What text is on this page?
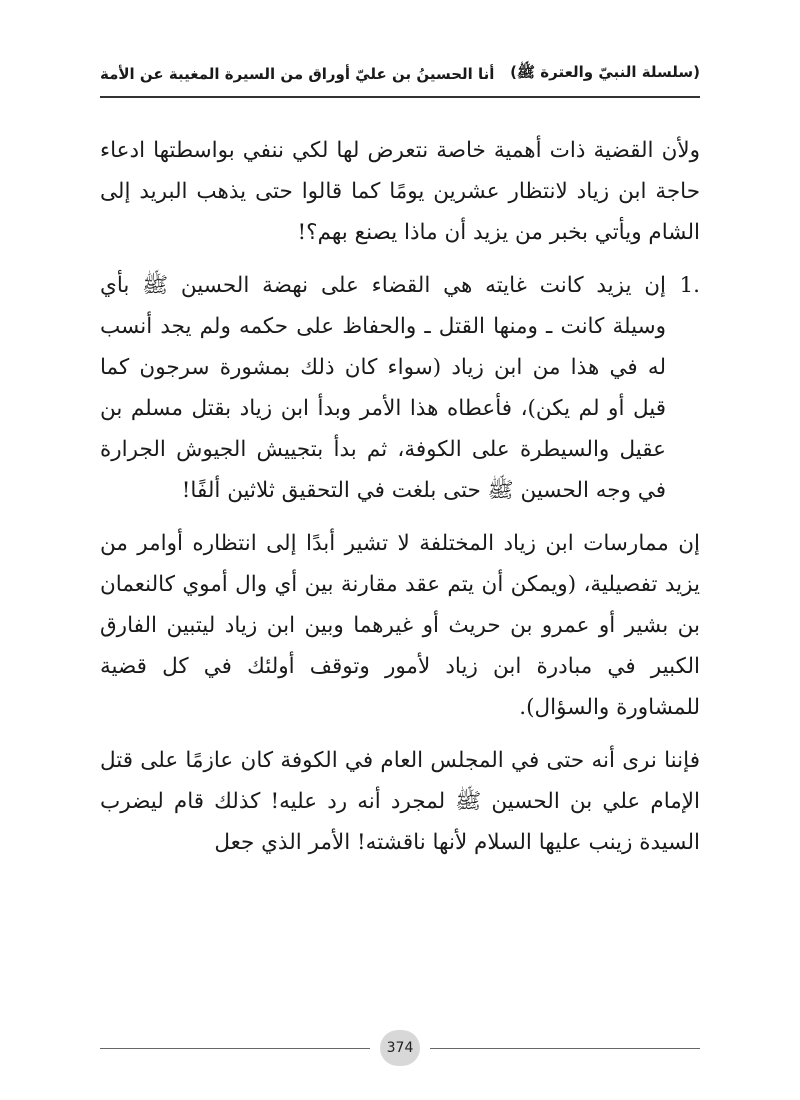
(سلسلة النبيّ والعترة ﷺ)
أنا الحسينُ بن عليّ أوراق من السيرة المغيبة عن الأمة

ولأن القضية ذات أهمية خاصة نتعرض لها لكي ننفي بواسطتها ادعاء حاجة ابن زياد لانتظار عشرين يومًا كما قالوا حتى يذهب البريد إلى الشام ويأتي بخبر من يزيد أن ماذا يصنع بهم؟!

1.
إن يزيد كانت غايته هي القضاء على نهضة الحسين ﷺ بأي وسيلة كانت ـ ومنها القتل ـ والحفاظ على حكمه ولم يجد أنسب له في هذا من ابن زياد (سواء كان ذلك بمشورة سرجون كما قيل أو لم يكن)، فأعطاه هذا الأمر وبدأ ابن زياد بقتل مسلم بن عقيل والسيطرة على الكوفة، ثم بدأ بتجييش الجيوش الجرارة في وجه الحسين ﷺ حتى بلغت في التحقيق ثلاثين ألفًا!

إن ممارسات ابن زياد المختلفة لا تشير أبدًا إلى انتظاره أوامر من يزيد تفصيلية، (ويمكن أن يتم عقد مقارنة بين أي وال أموي كالنعمان بن بشير أو عمرو بن حريث أو غيرهما وبين ابن زياد ليتبين الفارق الكبير في مبادرة ابن زياد لأمور وتوقف أولئك في كل قضية للمشاورة والسؤال).

فإننا نرى أنه حتى في المجلس العام في الكوفة كان عازمًا على قتل الإمام علي بن الحسين ﷺ لمجرد أنه رد عليه! كذلك قام ليضرب السيدة زينب عليها السلام لأنها ناقشته! الأمر الذي جعل

374
